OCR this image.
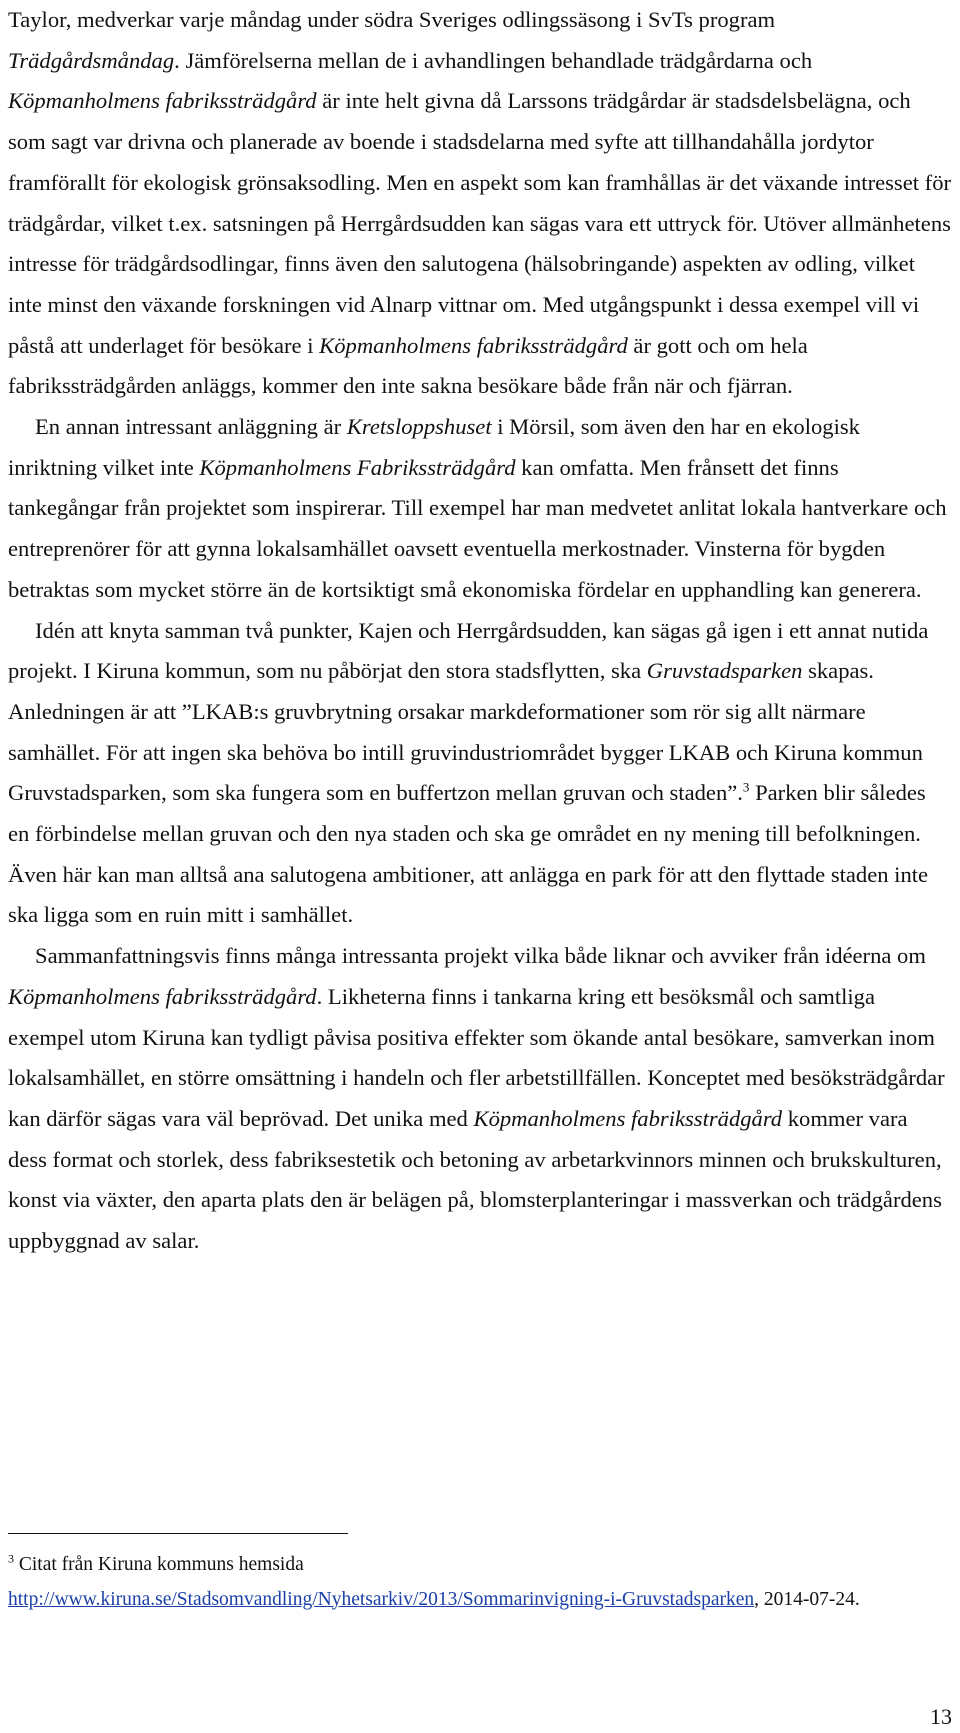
Taylor, medverkar varje måndag under södra Sveriges odlingssäsong i SvTs program Trädgårdsmåndag. Jämförelserna mellan de i avhandlingen behandlade trädgårdarna och Köpmanholmens fabrikssträdgård är inte helt givna då Larssons trädgårdar är stadsdelsbelägna, och som sagt var drivna och planerade av boende i stadsdelarna med syfte att tillhandahålla jordytor framförallt för ekologisk grönsaksodling. Men en aspekt som kan framhållas är det växande intresset för trädgårdar, vilket t.ex. satsningen på Herrgårdsudden kan sägas vara ett uttryck för. Utöver allmänhetens intresse för trädgårdsodlingar, finns även den salutogena (hälsobringande) aspekten av odling, vilket inte minst den växande forskningen vid Alnarp vittnar om. Med utgångspunkt i dessa exempel vill vi påstå att underlaget för besökare i Köpmanholmens fabrikssträdgård är gott och om hela fabrikssträdgården anläggs, kommer den inte sakna besökare både från när och fjärran.

En annan intressant anläggning är Kretsloppshuset i Mörsil, som även den har en ekologisk inriktning vilket inte Köpmanholmens Fabrikssträdgård kan omfatta. Men frånsett det finns tankegångar från projektet som inspirerar. Till exempel har man medvetet anlitat lokala hantverkare och entreprenörer för att gynna lokalsamhället oavsett eventuella merkostnader. Vinsterna för bygden betraktas som mycket större än de kortsiktigt små ekonomiska fördelar en upphandling kan generera.

Idén att knyta samman två punkter, Kajen och Herrgårdsudden, kan sägas gå igen i ett annat nutida projekt. I Kiruna kommun, som nu påbörjat den stora stadsflytten, ska Gruvstadsparken skapas. Anledningen är att ”LKAB:s gruvbrytning orsakar markdeformationer som rör sig allt närmare samhället. För att ingen ska behöva bo intill gruvindustriområdet bygger LKAB och Kiruna kommun Gruvstadsparken, som ska fungera som en buffertzon mellan gruvan och staden”.$^3$ Parken blir således en förbindelse mellan gruvan och den nya staden och ska ge området en ny mening till befolkningen. Även här kan man alltså ana salutogena ambitioner, att anlägga en park för att den flyttade staden inte ska ligga som en ruin mitt i samhället.

Sammanfattningsvis finns många intressanta projekt vilka både liknar och avviker från idéerna om Köpmanholmens fabrikssträdgård. Likheterna finns i tankarna kring ett besöksmål och samtliga exempel utom Kiruna kan tydligt påvisa positiva effekter som ökande antal besökare, samverkan inom lokalsamhället, en större omsättning i handeln och fler arbetstillfällen. Konceptet med besöksträdgårdar kan därför sägas vara väl beprövad. Det unika med Köpmanholmens fabrikssträdgård kommer vara dess format och storlek, dess fabriksestetik och betoning av arbetarkvinnors minnen och brukskulturen, konst via växter, den aparta plats den är belägen på, blomsterplanteringar i massverkan och trädgårdens uppbyggnad av salar.

$^3$ Citat från Kiruna kommuns hemsida
http://www.kiruna.se/Stadsomvandling/Nyhetsarkiv/2013/Sommarinvigning-i-Gruvstadsparken, 2014-07-24.
13
